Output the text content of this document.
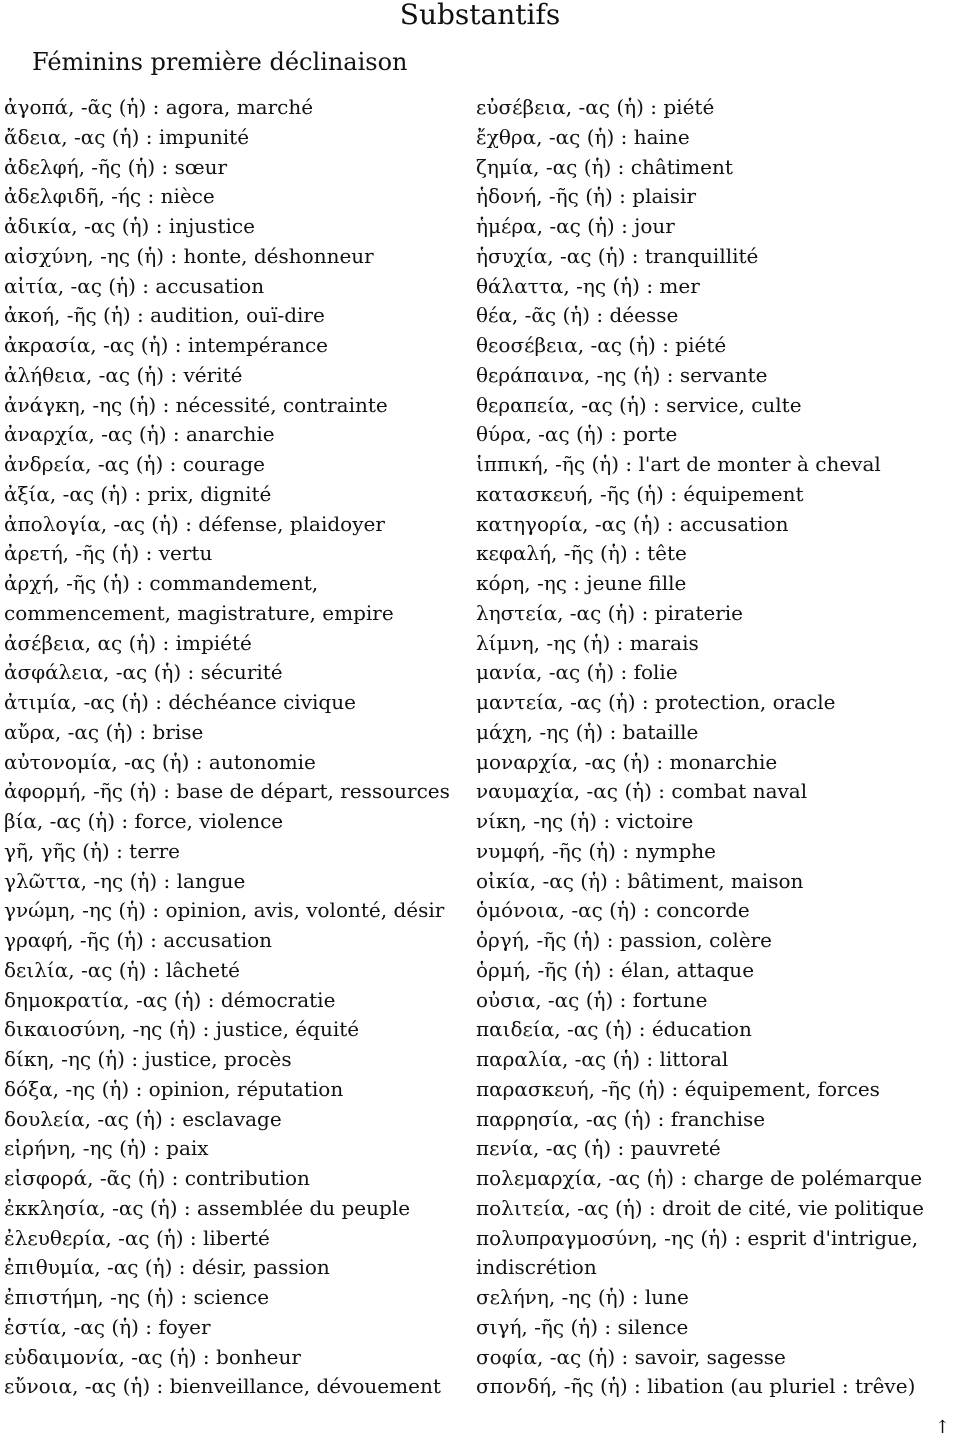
Substantifs
Féminins première déclinaison
ἀγοπά, -ᾶς (ἡ) : agora, marché
ἄδεια, -ας (ἡ) : impunité
ἀδελφή, -ῆς (ἡ) : sœur
ἀδελφιδῆ, -ής : nièce
ἀδικία, -ας (ἡ) : injustice
αἰσχύνη, -ης (ἡ) : honte, déshonneur
αἰτία, -ας (ἡ) : accusation
ἀκοή, -ῆς (ἡ) : audition, ouï-dire
ἀκρασία, -ας (ἡ) : intempérance
ἀλήθεια, -ας (ἡ) : vérité
ἀνάγκη, -ης (ἡ) : nécessité, contrainte
ἀναρχία, -ας (ἡ) : anarchie
ἀνδρεία, -ας (ἡ) : courage
ἀξία, -ας (ἡ) : prix, dignité
ἀπολογία, -ας (ἡ) : défense, plaidoyer
ἀρετή, -ῆς (ἡ) : vertu
ἀρχή, -ῆς (ἡ) : commandement,
commencement, magistrature, empire
ἀσέβεια, ας (ἡ) : impiété
ἀσφάλεια, -ας (ἡ) : sécurité
ἀτιμία, -ας (ἡ) : déchéance civique
αὔρα, -ας (ἡ) : brise
αὐτονομία, -ας (ἡ) : autonomie
ἀφορμή, -ῆς (ἡ) : base de départ, ressources
βία, -ας (ἡ) : force, violence
γῆ, γῆς (ἡ) : terre
γλῶττα, -ης (ἡ) : langue
γνώμη, -ης (ἡ) : opinion, avis, volonté, désir
γραφή, -ῆς (ἡ) : accusation
δειλία, -ας (ἡ) : lâcheté
δημοκρατία, -ας (ἡ) : démocratie
δικαιοσύνη, -ης (ἡ) : justice, équité
δίκη, -ης (ἡ) : justice, procès
δόξα, -ης (ἡ) : opinion, réputation
δουλεία, -ας (ἡ) : esclavage
εἰρήνη, -ης (ἡ) : paix
εἰσφορά, -ᾶς (ἡ) : contribution
ἐκκλησία, -ας (ἡ) : assemblée du peuple
ἐλευθερία, -ας (ἡ) : liberté
ἐπιθυμία, -ας (ἡ) : désir, passion
ἐπιστήμη, -ης (ἡ) : science
ἑστία, -ας (ἡ) : foyer
εὐδαιμονία, -ας (ἡ) : bonheur
εὔνοια, -ας (ἡ) : bienveillance, dévouement
εὐσέβεια, -ας (ἡ) : piété
ἔχθρα, -ας (ἡ) : haine
ζημία, -ας (ἡ) : châtiment
ἡδονή, -ῆς (ἡ) : plaisir
ἡμέρα, -ας (ἡ) : jour
ἡσυχία, -ας (ἡ) : tranquillité
θάλαττα, -ης (ἡ) : mer
θέα, -ᾶς (ἡ) : déesse
θεοσέβεια, -ας (ἡ) : piété
θεράπαινα, -ης (ἡ) : servante
θεραπεία, -ας (ἡ) : service, culte
θύρα, -ας (ἡ) : porte
ἱππική, -ῆς (ἡ) : l'art de monter à cheval
κατασκευή, -ῆς (ἡ) : équipement
κατηγορία, -ας (ἡ) : accusation
κεφαλή, -ῆς (ἡ) : tête
κόρη, -ης : jeune fille
ληστεία, -ας (ἡ) : piraterie
λίμνη, -ης (ἡ) : marais
μανία, -ας (ἡ) : folie
μαντεία, -ας (ἡ) : protection, oracle
μάχη, -ης (ἡ) : bataille
μοναρχία, -ας (ἡ) : monarchie
ναυμαχία, -ας (ἡ) : combat naval
νίκη, -ης (ἡ) : victoire
νυμφή, -ῆς (ἡ) : nymphe
οἰκία, -ας (ἡ) : bâtiment, maison
ὁμόνοια, -ας (ἡ) : concorde
ὀργή, -ῆς (ἡ) : passion, colère
ὁρμή, -ῆς (ἡ) : élan, attaque
οὐσια, -ας (ἡ) : fortune
παιδεία, -ας (ἡ) : éducation
παραλία, -ας (ἡ) : littoral
παρασκευή, -ῆς (ἡ) : équipement, forces
παρρησία, -ας (ἡ) : franchise
πενία, -ας (ἡ) : pauvreté
πολεμαρχία, -ας (ἡ) : charge de polémarque
πολιτεία, -ας (ἡ) : droit de cité, vie politique
πολυπραγμοσύνη, -ης (ἡ) : esprit d'intrigue,
indiscrétion
σελήνη, -ης (ἡ) : lune
σιγή, -ῆς (ἡ) : silence
σοφία, -ας (ἡ) : savoir, sagesse
σπονδή, -ῆς (ἡ) : libation (au pluriel : trêve)
↑
